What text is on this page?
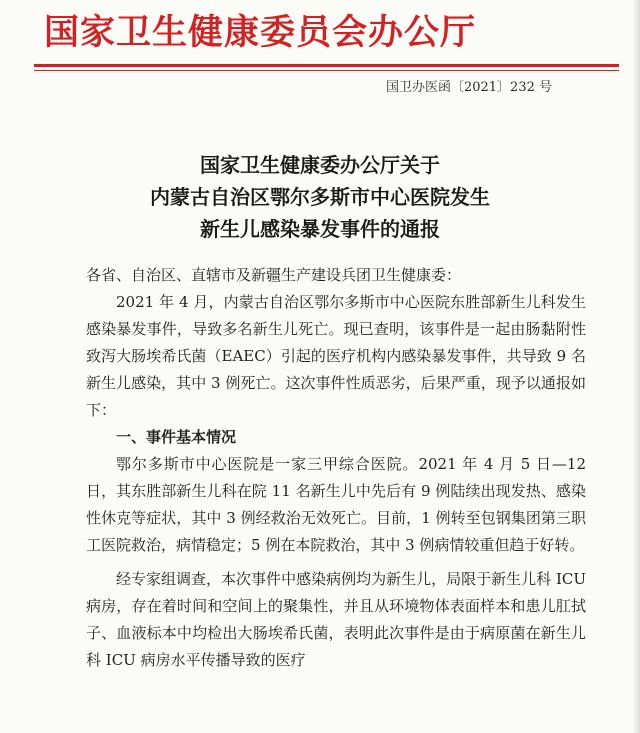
国家卫生健康委员会办公厅
国卫办医函〔2021〕232 号
国家卫生健康委办公厅关于
内蒙古自治区鄂尔多斯市中心医院发生
新生儿感染暴发事件的通报
各省、自治区、直辖市及新疆生产建设兵团卫生健康委：

2021 年 4 月，内蒙古自治区鄂尔多斯市中心医院东胜部新生儿科发生感染暴发事件，导致多名新生儿死亡。现已查明，该事件是一起由肠黏附性致泻大肠埃希氏菌（EAEC）引起的医疗机构内感染暴发事件，共导致 9 名新生儿感染，其中 3 例死亡。这次事件性质恶劣，后果严重，现予以通报如下：

一、事件基本情况

鄂尔多斯市中心医院是一家三甲综合医院。2021 年 4 月 5 日—12 日，其东胜部新生儿科在院 11 名新生儿中先后有 9 例陆续出现发热、感染性休克等症状，其中 3 例经救治无效死亡。目前，1 例转至包钢集团第三职工医院救治，病情稳定；5 例在本院救治，其中 3 例病情较重但趋于好转。

经专家组调查，本次事件中感染病例均为新生儿，局限于新生儿科 ICU 病房，存在着时间和空间上的聚集性，并且从环境物体表面样本和患儿肛拭子、血液标本中均检出大肠埃希氏菌，表明此次事件是由于病原菌在新生儿科 ICU 病房水平传播导致的医疗
